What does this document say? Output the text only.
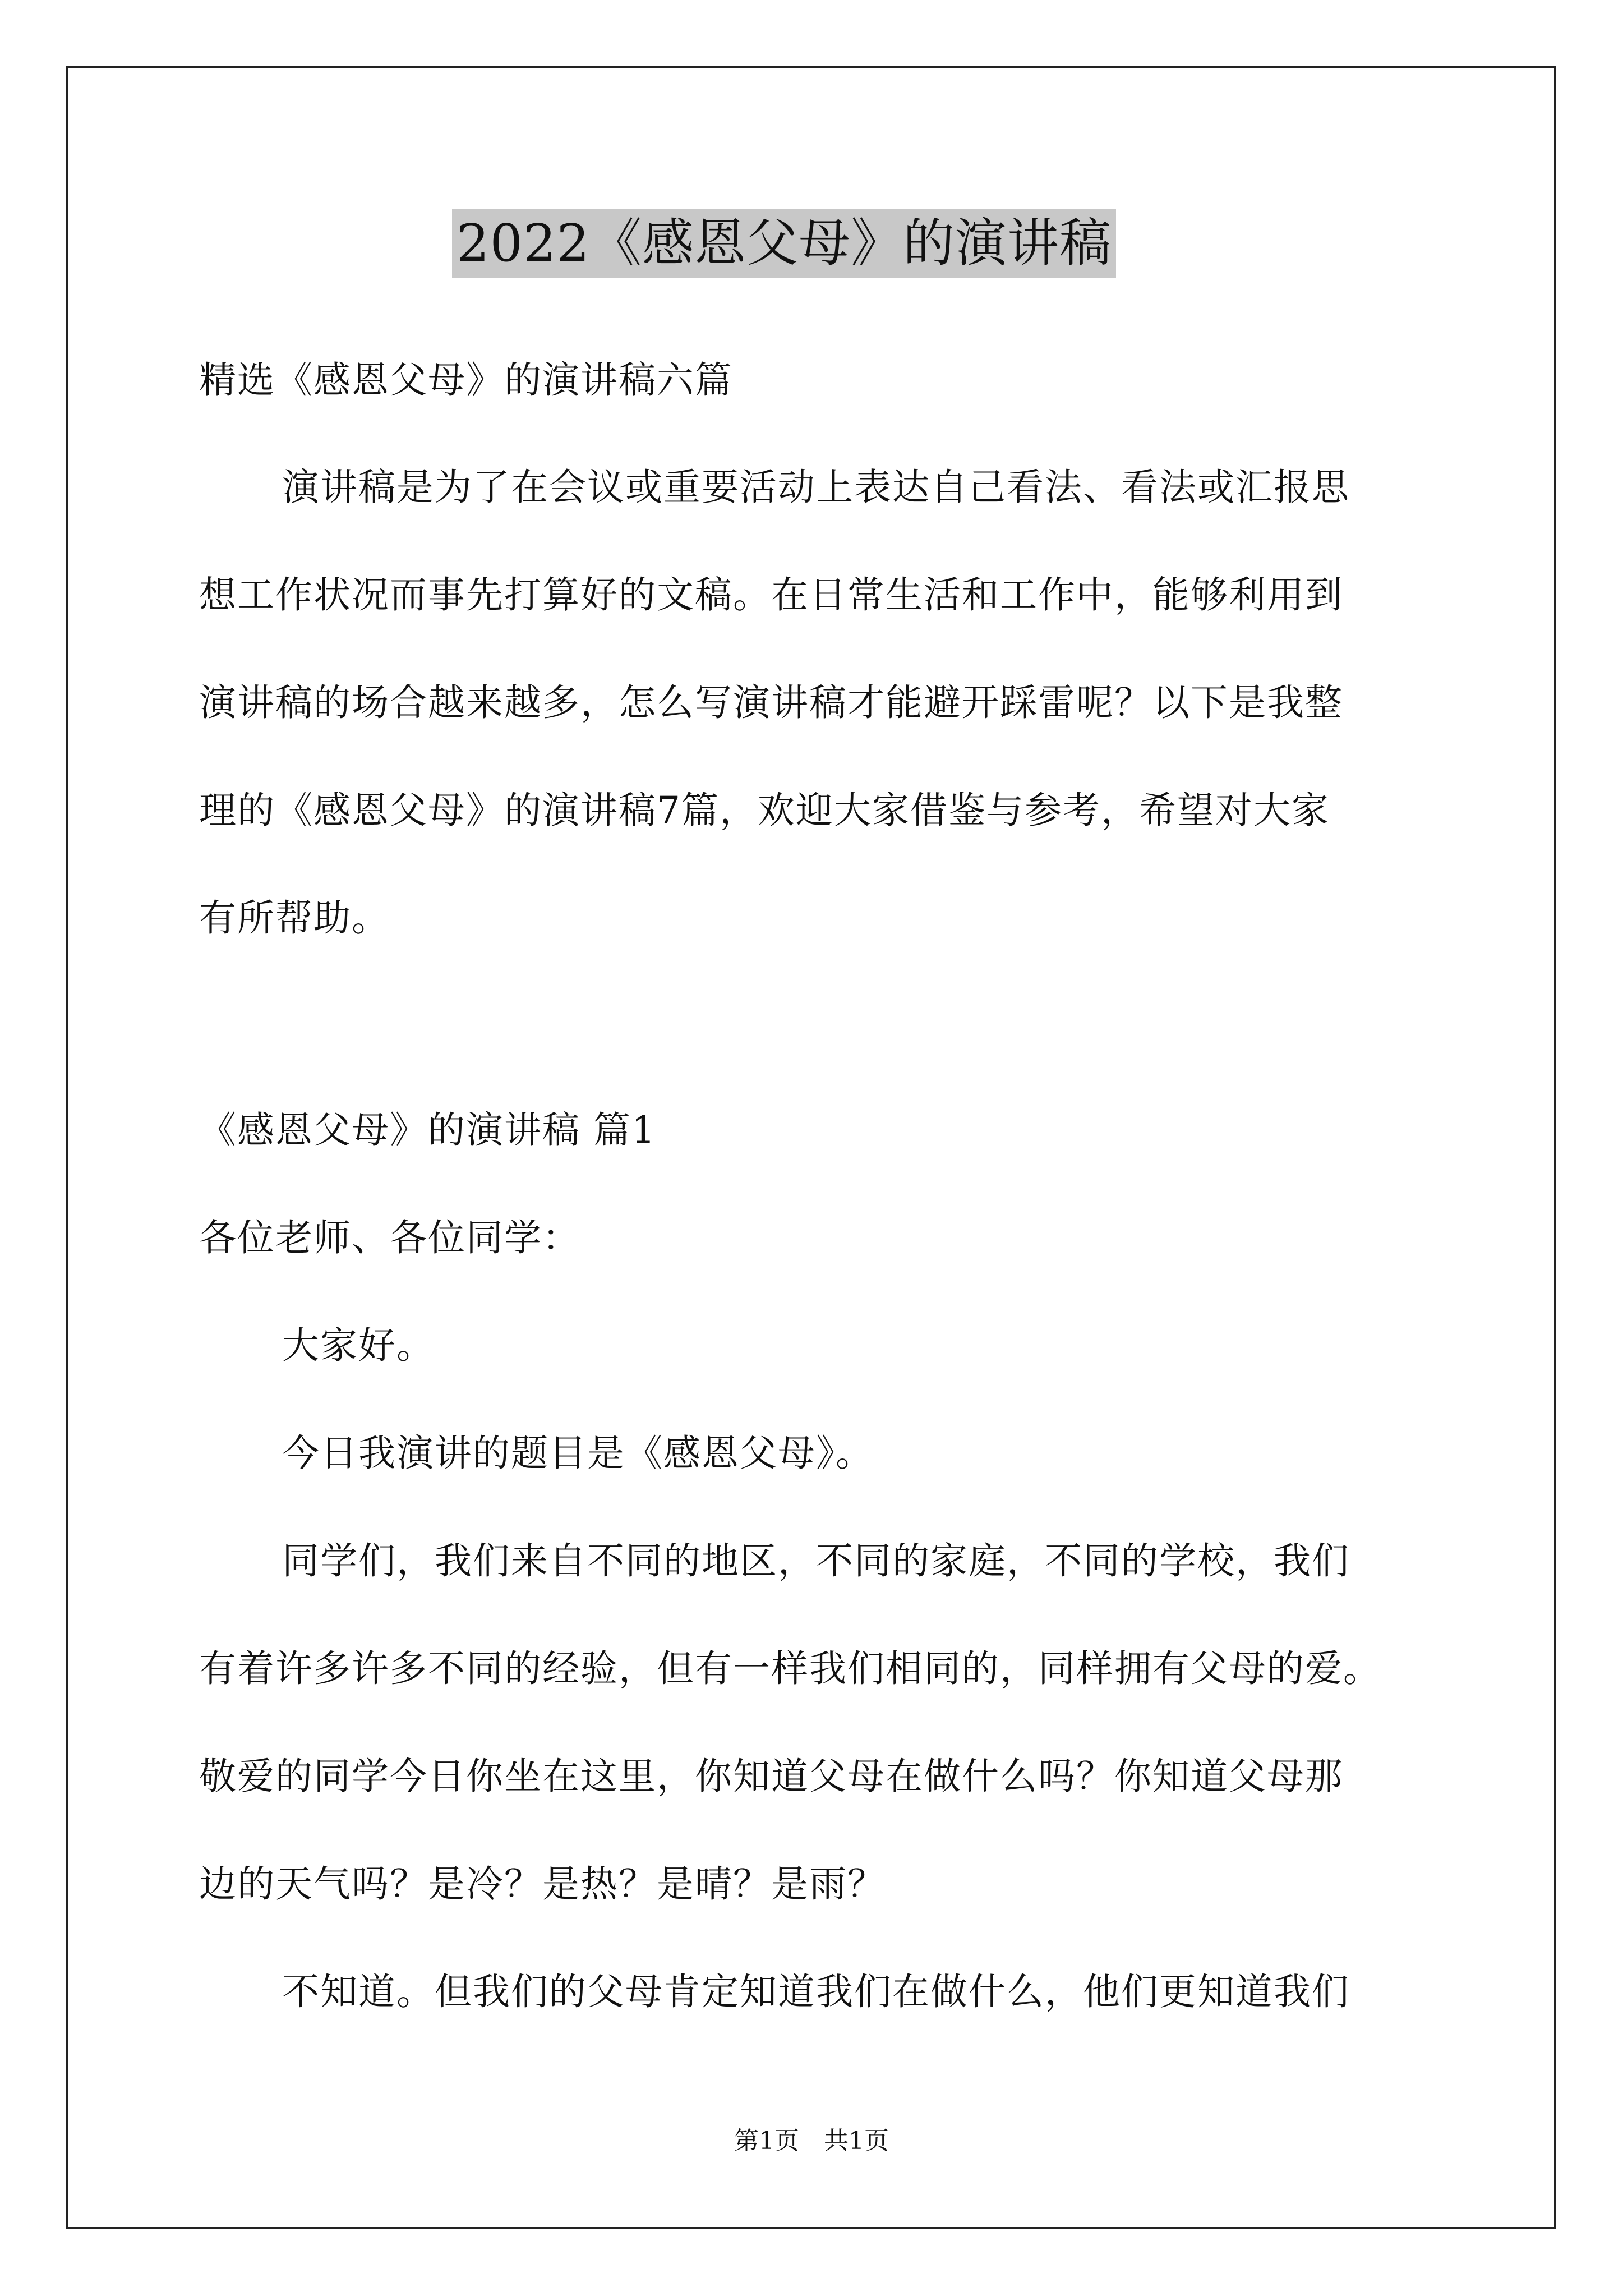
2022《感恩父母》的演讲稿
精选《感恩父母》的演讲稿六篇
演讲稿是为了在会议或重要活动上表达自己看法、看法或汇报思
想工作状况而事先打算好的文稿。在日常生活和工作中，能够利用到
演讲稿的场合越来越多，怎么写演讲稿才能避开踩雷呢？以下是我整
理的《感恩父母》的演讲稿7篇，欢迎大家借鉴与参考，希望对大家
有所帮助。
《感恩父母》的演讲稿 篇1
各位老师、各位同学：
大家好。
今日我演讲的题目是《感恩父母》。
同学们，我们来自不同的地区，不同的家庭，不同的学校，我们
有着许多许多不同的经验，但有一样我们相同的，同样拥有父母的爱。
敬爱的同学今日你坐在这里，你知道父母在做什么吗？你知道父母那
边的天气吗？是冷？是热？是晴？是雨？
不知道。但我们的父母肯定知道我们在做什么，他们更知道我们
第1页　共1页
